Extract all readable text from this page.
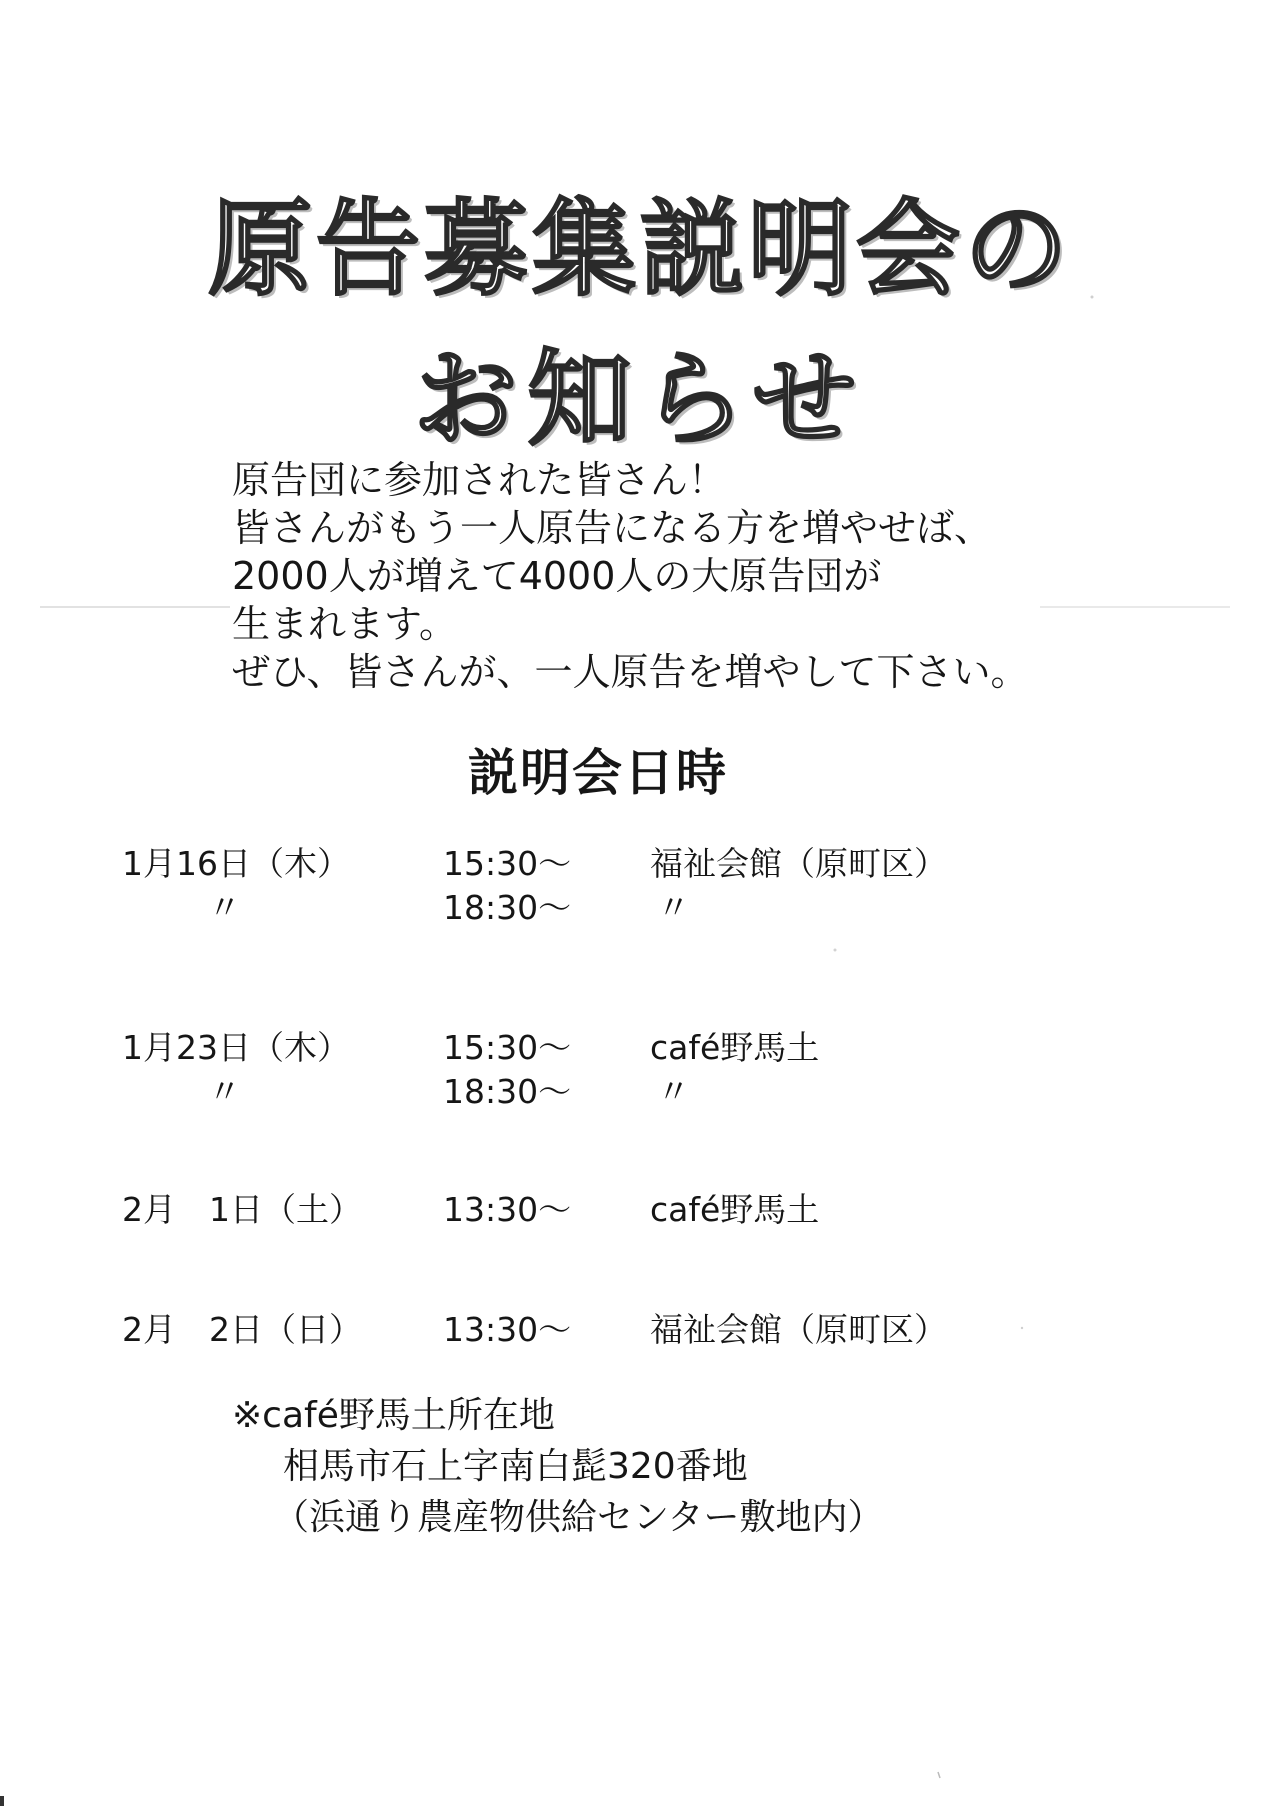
原告募集説明会の
お知らせ
原告団に参加された皆さん！
皆さんがもう一人原告になる方を増やせば、
2000人が増えて4000人の大原告団が
生まれます。
ぜひ、皆さんが、一人原告を増やして下さい。
説明会日時
1月16日（木）	15:30～ 福祉会館（原町区）
〃	18:30～	〃
1月23日（木）	15:30～ café野馬土
〃	18:30～	〃
2月　1日（土） 13:30～ café野馬土
2月　2日（日） 13:30～ 福祉会館（原町区）
※café野馬土所在地
相馬市石上字南白髭320番地
（浜通り農産物供給センター敷地内）
